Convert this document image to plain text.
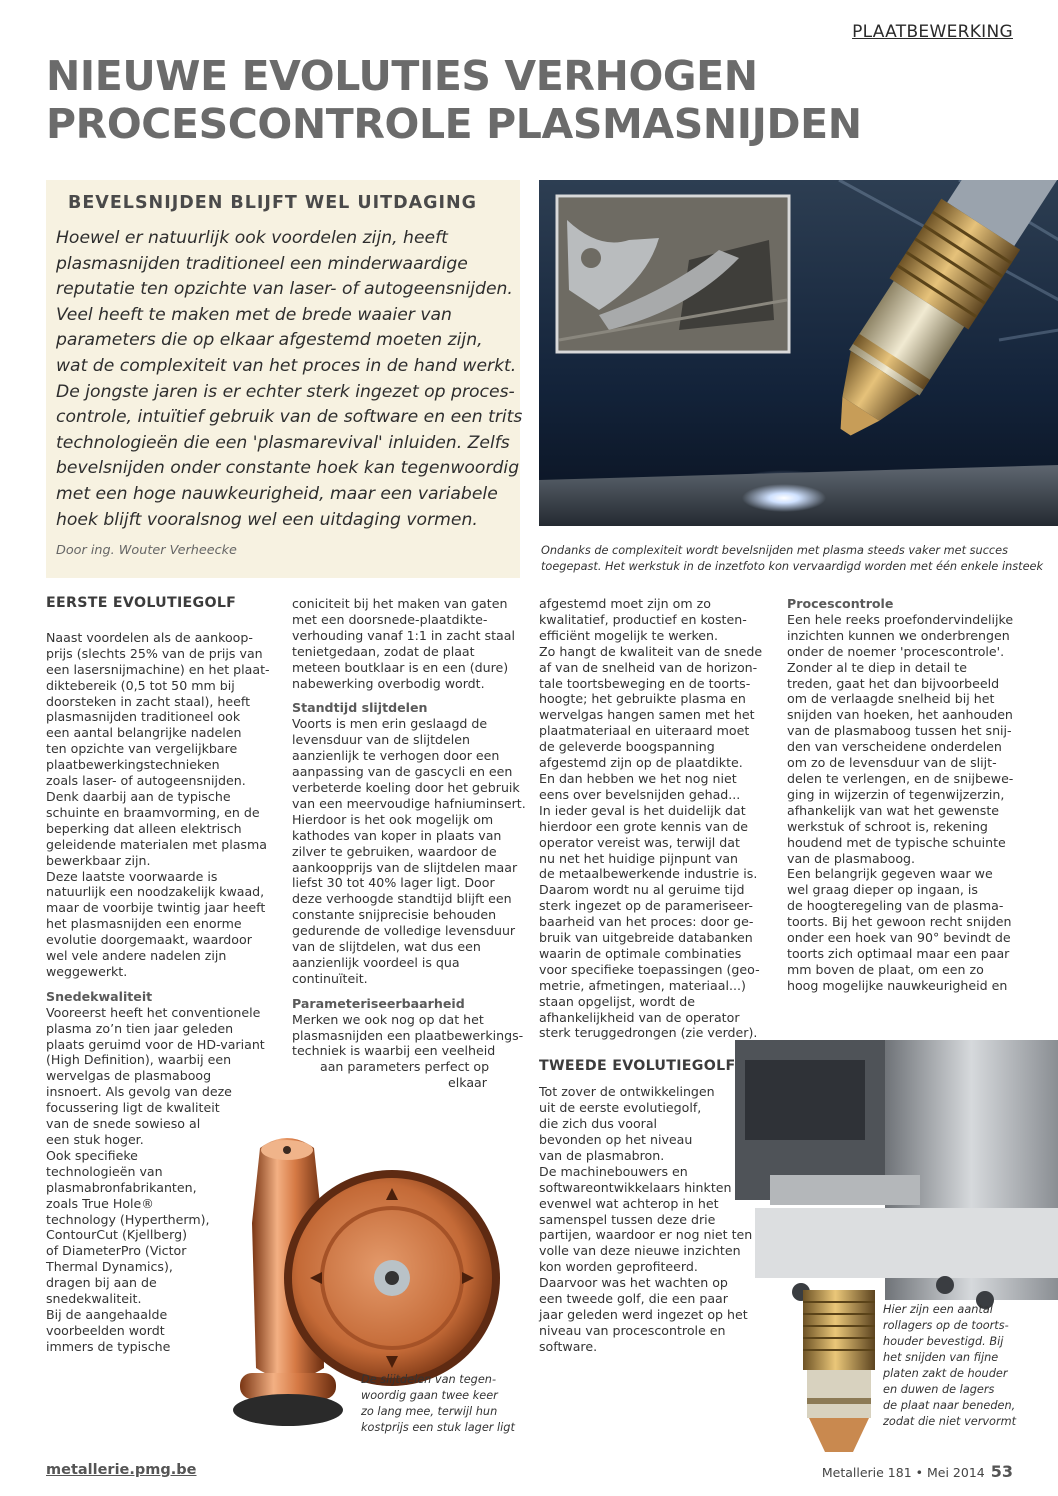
PLAATBEWERKING
NIEUWE EVOLUTIES VERHOGEN
PROCESCONTROLE PLASMASNIJDEN
BEVELSNIJDEN BLIJFT WEL UITDAGING

Hoewel er natuurlijk ook voordelen zijn, heeft
plasmasnijden traditioneel een minderwaardige
reputatie ten opzichte van laser- of autogeensnijden.
Veel heeft te maken met de brede waaier van
parameters die op elkaar afgestemd moeten zijn,
wat de complexiteit van het proces in de hand werkt.
De jongste jaren is er echter sterk ingezet op proces-
controle, intuïtief gebruik van de software en een trits
technologieën die een 'plasmarevival' inluiden. Zelfs
bevelsnijden onder constante hoek kan tegenwoordig
met een hoge nauwkeurigheid, maar een variabele
hoek blijft vooralsnog wel een uitdaging vormen.

Door ing. Wouter Verheecke	Ondanks de complexiteit wordt bevelsnijden met plasma steeds vaker met succes
toegepast. Het werkstuk in de inzetfoto kon vervaardigd worden met één enkele insteek
EERSTE EVOLUTIEGOLF

Naast voordelen als de aankoop-
prijs (slechts 25% van de prijs van
een lasersnijmachine) en het plaat-
diktebereik (0,5 tot 50 mm bij
doorsteken in zacht staal), heeft
plasmasnijden traditioneel ook
een aantal belangrijke nadelen
ten opzichte van vergelijkbare
plaatbewerkingstechnieken
zoals laser- of autogeensnijden.
Denk daarbij aan de typische
schuinte en braamvorming, en de
beperking dat alleen elektrisch
geleidende materialen met plasma
bewerkbaar zijn.
Deze laatste voorwaarde is
natuurlijk een noodzakelijk kwaad,
maar de voorbije twintig jaar heeft
het plasmasnijden een enorme
evolutie doorgemaakt, waardoor
wel vele andere nadelen zijn
weggewerkt.

Snedekwaliteit

Vooreerst heeft het conventionele
plasma zo’n tien jaar geleden
plaats geruimd voor de HD-variant
(High Definition), waarbij een
wervelgas de plasmaboog
insnoert. Als gevolg van deze
focussering ligt de kwaliteit
van de snede sowieso al
een stuk hoger.
Ook specifieke
technologieën van
plasmabronfabrikanten,
zoals True Hole®
technology (Hypertherm),
ContourCut (Kjellberg)
of DiameterPro (Victor
Thermal Dynamics),
dragen bij aan de
snedekwaliteit.
Bij de aangehaalde
voorbeelden wordt
immers de typische

coniciteit bij het maken van gaten
met een doorsnede-plaatdikte-
verhouding vanaf 1:1 in zacht staal
tenietgedaan, zodat de plaat
meteen boutklaar is en een (dure)
nabewerking overbodig wordt.

Standtijd slijtdelen

Voorts is men erin geslaagd de
levensduur van de slijtdelen
aanzienlijk te verhogen door een
aanpassing van de gascycli en een
verbeterde koeling door het gebruik
van een meervoudige hafniuminsert.
Hierdoor is het ook mogelijk om
kathodes van koper in plaats van
zilver te gebruiken, waardoor de
aankoopprijs van de slijtdelen maar
liefst 30 tot 40% lager ligt. Door
deze verhoogde standtijd blijft een
constante snijprecisie behouden
gedurende de volledige levensduur
van de slijtdelen, wat dus een
aanzienlijk voordeel is qua
continuïteit.

Parameteriseerbaarheid

Merken we ook nog op dat het
plasmasnijden een plaatbewerkings-
techniek is waarbij een veelheid
aan parameters perfect op
elkaar

De slijtdelen van tegen-
woordig gaan twee keer
zo lang mee, terwijl hun
kostprijs een stuk lager ligt

afgestemd moet zijn om zo
kwalitatief, productief en kosten-
efficiënt mogelijk te werken.
Zo hangt de kwaliteit van de snede
af van de snelheid van de horizon-
tale toortsbeweging en de toorts-
hoogte; het gebruikte plasma en
wervelgas hangen samen met het
plaatmateriaal en uiteraard moet
de geleverde boogspanning
afgestemd zijn op de plaatdikte.
En dan hebben we het nog niet
eens over bevelsnijden gehad...
In ieder geval is het duidelijk dat
hierdoor een grote kennis van de
operator vereist was, terwijl dat
nu net het huidige pijnpunt van
de metaalbewerkende industrie is.
Daarom wordt nu al geruime tijd
sterk ingezet op de parameriseer-
baarheid van het proces: door ge-
bruik van uitgebreide databanken
waarin de optimale combinaties
voor specifieke toepassingen (geo-
metrie, afmetingen, materiaal...)
staan opgelijst, wordt de
afhankelijkheid van de operator
sterk teruggedrongen (zie verder).

TWEEDE EVOLUTIEGOLF

Tot zover de ontwikkelingen
uit de eerste evolutiegolf,
die zich dus vooral
bevonden op het niveau
van de plasmabron.
De machinebouwers en
softwareontwikkelaars hinkten
evenwel wat achterop in het
samenspel tussen deze drie
partijen, waardoor er nog niet ten
volle van deze nieuwe inzichten
kon worden geprofiteerd.
Daarvoor was het wachten op
een tweede golf, die een paar
jaar geleden werd ingezet op het
niveau van procescontrole en
software.

Procescontrole

Een hele reeks proefondervindelijke
inzichten kunnen we onderbrengen
onder de noemer 'procescontrole'.
Zonder al te diep in detail te
treden, gaat het dan bijvoorbeeld
om de verlaagde snelheid bij het
snijden van hoeken, het aanhouden
van de plasmaboog tussen het snij-
den van verscheidene onderdelen
om zo de levensduur van de slijt-
delen te verlengen, en de snijbewe-
ging in wijzerzin of tegenwijzerzin,
afhankelijk van wat het gewenste
werkstuk of schroot is, rekening
houdend met de typische schuinte
van de plasmaboog.
Een belangrijk gegeven waar we
wel graag dieper op ingaan, is
de hoogteregeling van de plasma-
toorts. Bij het gewoon recht snijden
onder een hoek van 90° bevindt de
toorts zich optimaal maar een paar
mm boven de plaat, om een zo
hoog mogelijke nauwkeurigheid en

Hier zijn een aantal
rollagers op de toorts-
houder bevestigd. Bij
het snijden van fijne
platen zakt de houder
en duwen de lagers
de plaat naar beneden,
zodat die niet vervormt
metallerie.pmg.be	Metallerie 181 • Mei 2014 53
